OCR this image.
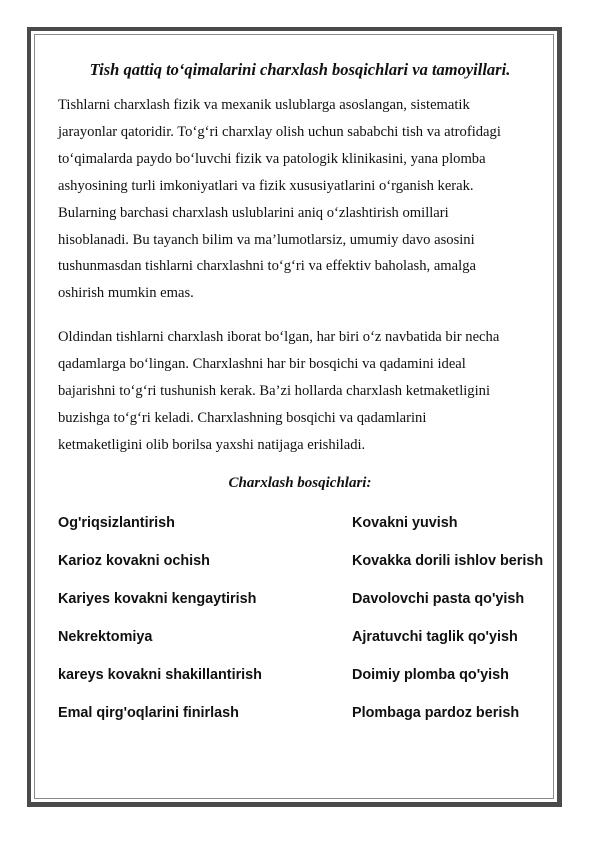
Tish qattiq to‘qimalarini charxlash bosqichlari va tamoyillari.

Tishlarni charxlash fizik va mexanik uslublarga asoslangan, sistematik
jarayonlar qatoridir. To‘g‘ri charxlay olish uchun sababchi tish va atrofidagi
to‘qimalarda paydo bo‘luvchi fizik va patologik klinikasini, yana plomba
ashyosining turli imkoniyatlari va fizik xususiyatlarini o‘rganish kerak.
Bularning barchasi charxlash uslublarini aniq o‘zlashtirish omillari
hisoblanadi. Bu tayanch bilim va ma’lumotlarsiz, umumiy davo asosini
tushunmasdan tishlarni charxlashni to‘g‘ri va effektiv baholash, amalga
oshirish mumkin emas.

Oldindan tishlarni charxlash iborat bo‘lgan, har biri o‘z navbatida bir necha
qadamlarga bo‘lingan. Charxlashni har bir bosqichi va qadamini ideal
bajarishni to‘g‘ri tushunish kerak. Ba’zi hollarda charxlash ketmaketligini
buzishga to‘g‘ri keladi. Charxlashning bosqichi va qadamlarini
ketmaketligini olib borilsa yaxshi natijaga erishiladi.

Charxlash bosqichlari:
Og'riqsizlantirish
Karioz kovakni ochish
Kariyes kovakni kengaytirish
Nekrektomiya
kareys kovakni shakillantirish
Emal qirg'oqlarini finirlash
Kovakni yuvish
Kovakka dorili ishlov berish
Davolovchi pasta qo'yish
Ajratuvchi taglik qo'yish
Doimiy plomba qo'yish
Plombaga pardoz berish
